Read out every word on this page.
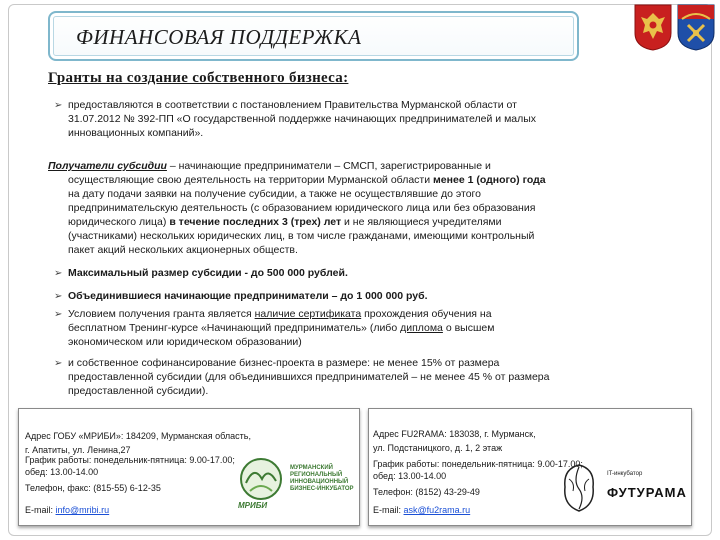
ФИНАНСОВАЯ ПОДДЕРЖКА
Гранты на создание собственного бизнеса:
➢ предоставляются в соответствии с постановлением Правительства Мурманской области от
31.07.2012 № 392-ПП «О государственной поддержке начинающих предпринимателей и малых
инновационных компаний».
Получатели субсидии – начинающие предприниматели – СМСП, зарегистрированные и
осуществляющие свою деятельность на территории Мурманской области менее 1 (одного) года
на дату подачи заявки на получение субсидии, а также не осуществлявшие до этого
предпринимательскую деятельность (с образованием юридического лица или без образования
юридического лица) в течение последних 3 (трех) лет и не являющиеся учредителями
(участниками) нескольких юридических лиц, в том числе гражданами, имеющими контрольный
пакет акций нескольких акционерных обществ.
➢ Максимальный размер субсидии - до 500 000 рублей.
➢ Объединившиеся начинающие предприниматели – до 1 000 000 руб.
➢ Условием получения гранта является наличие сертификата прохождения обучения на
бесплатном Тренинг-курсе «Начинающий предприниматель» (либо диплома о высшем
экономическом или юридическом образовании)
➢ и собственное софинансирование бизнес-проекта в размере: не менее 15% от размера
предоставленной субсидии (для объединившихся предпринимателей – не менее 45 % от размера
предоставленной субсидии).
Адрес ГОБУ «МРИБИ»: 184209, Мурманская область,
г. Апатиты, ул. Ленина,27
График работы: понедельник-пятница: 9.00-17.00;
обед: 13.00-14.00
Телефон, факс: (815-55) 6-12-35
E-mail: info@mribi.ru	МРИБИ
МУРМАНСКИЙ
РЕГИОНАЛЬНЫЙ
ИННОВАЦИОННЫЙ
БИЗНЕС-ИНКУБАТОР
Адрес FU2RAMA: 183038, г. Мурманск,
ул. Подстаницкого, д. 1, 2 этаж
График работы: понедельник-пятница: 9.00-17.00;
обед: 13.00-14.00
Телефон: (8152) 43-29-49
E-mail: ask@fu2rama.ru
IT-инкубатор
ФУТУРАМА
